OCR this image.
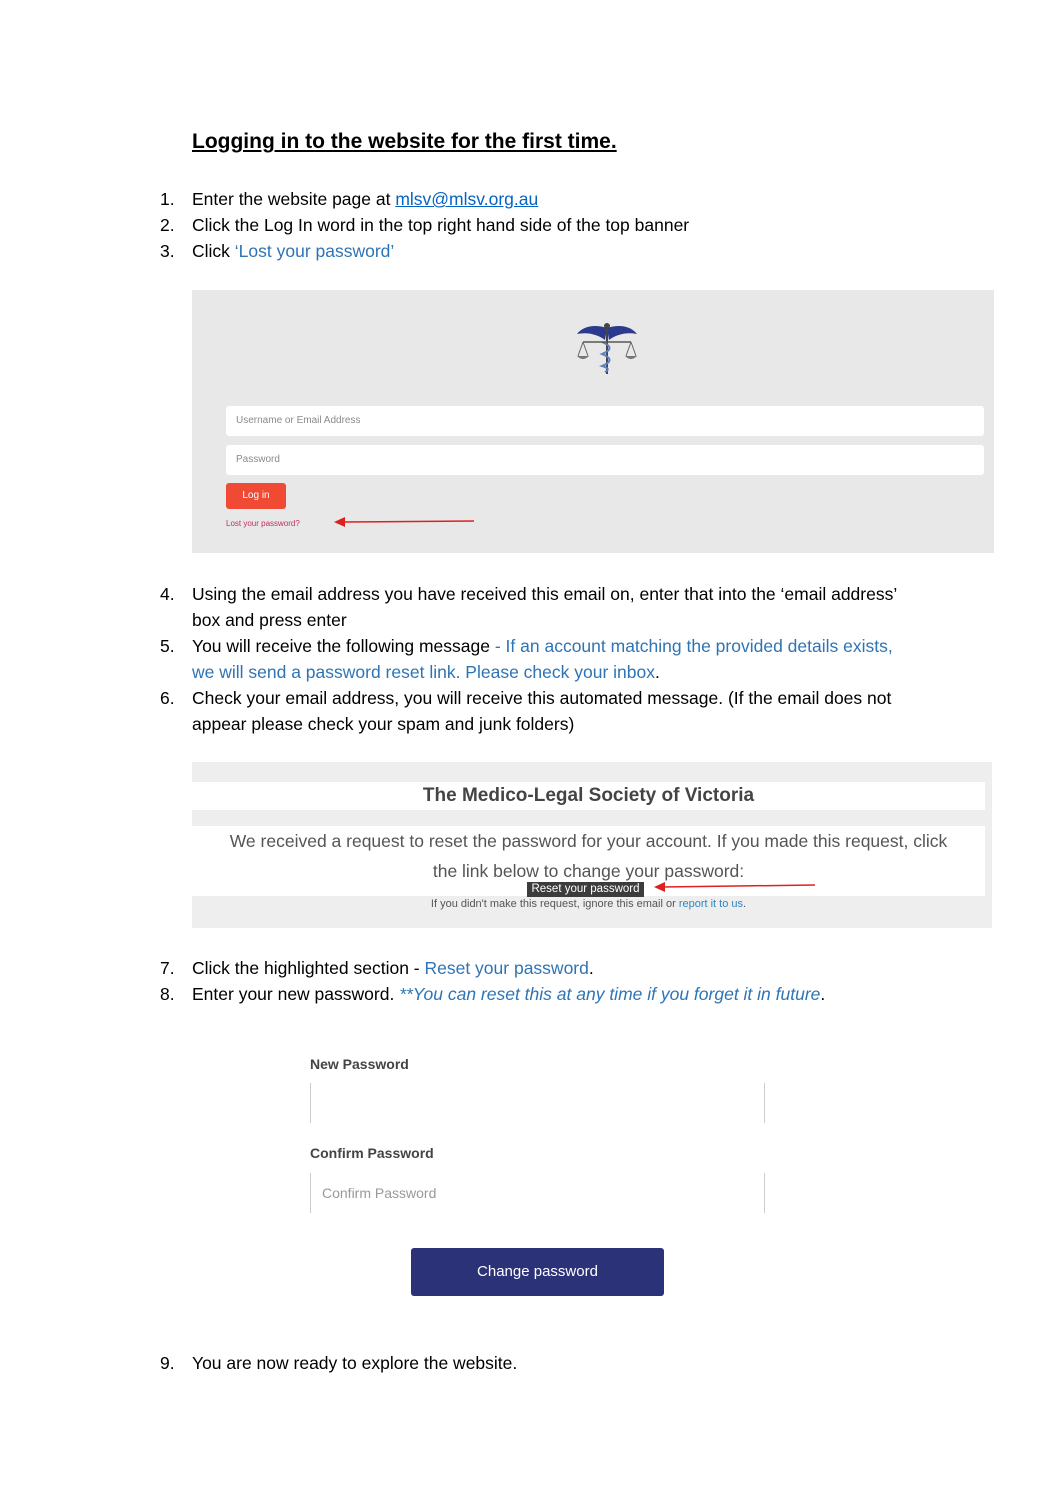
Logging in to the website for the first time.
1. Enter the website page at mlsv@mlsv.org.au
2. Click the Log In word in the top right hand side of the top banner
3. Click ‘Lost your password’
Username or Email Address
Password
Log in
Lost your password?
4. Using the email address you have received this email on, enter that into the ‘email address’
box and press enter
5. You will receive the following message - If an account matching the provided details exists,
we will send a password reset link. Please check your inbox.
6. Check your email address, you will receive this automated message. (If the email does not
appear please check your spam and junk folders)
The Medico-Legal Society of Victoria
We received a request to reset the password for your account. If you made this request, click
the link below to change your password:
Reset your password
If you didn't make this request, ignore this email or report it to us.
7. Click the highlighted section - Reset your password.
8. Enter your new password. **You can reset this at any time if you forget it in future.
New Password
Confirm Password
Confirm Password
Change password
9. You are now ready to explore the website.
